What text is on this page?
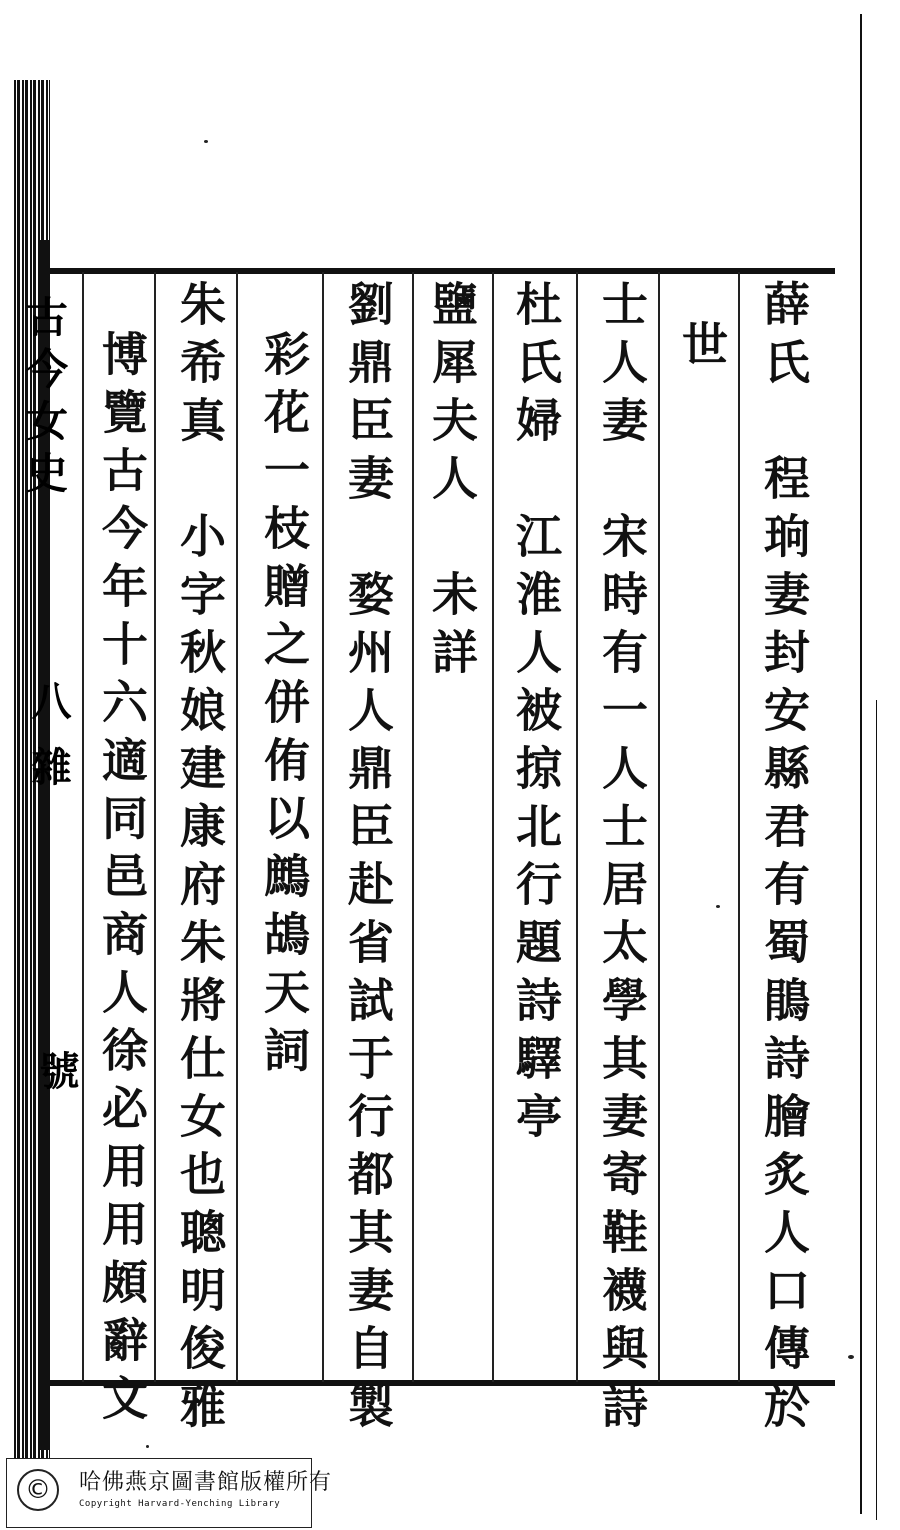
古今女史
八 雜
號	薛氏　程珦妻封安縣君有蜀鵑詩膾炙人口傳於
世
士人妻　宋時有一人士居太學其妻寄鞋襪與詩
杜氏婦　江淮人被掠北行題詩驛亭
鹽犀夫人　未詳
劉鼎臣妻　婺州人鼎臣赴省試于行都其妻自製
彩花一枝贈之併侑以鷓鴣天詞
朱希真　小字秋娘建康府朱將仕女也聰明俊雅
博覽古今年十六適同邑商人徐必用用頗辭文
©	哈佛燕京圖書館版權所有
Copyright Harvard-Yenching Library
